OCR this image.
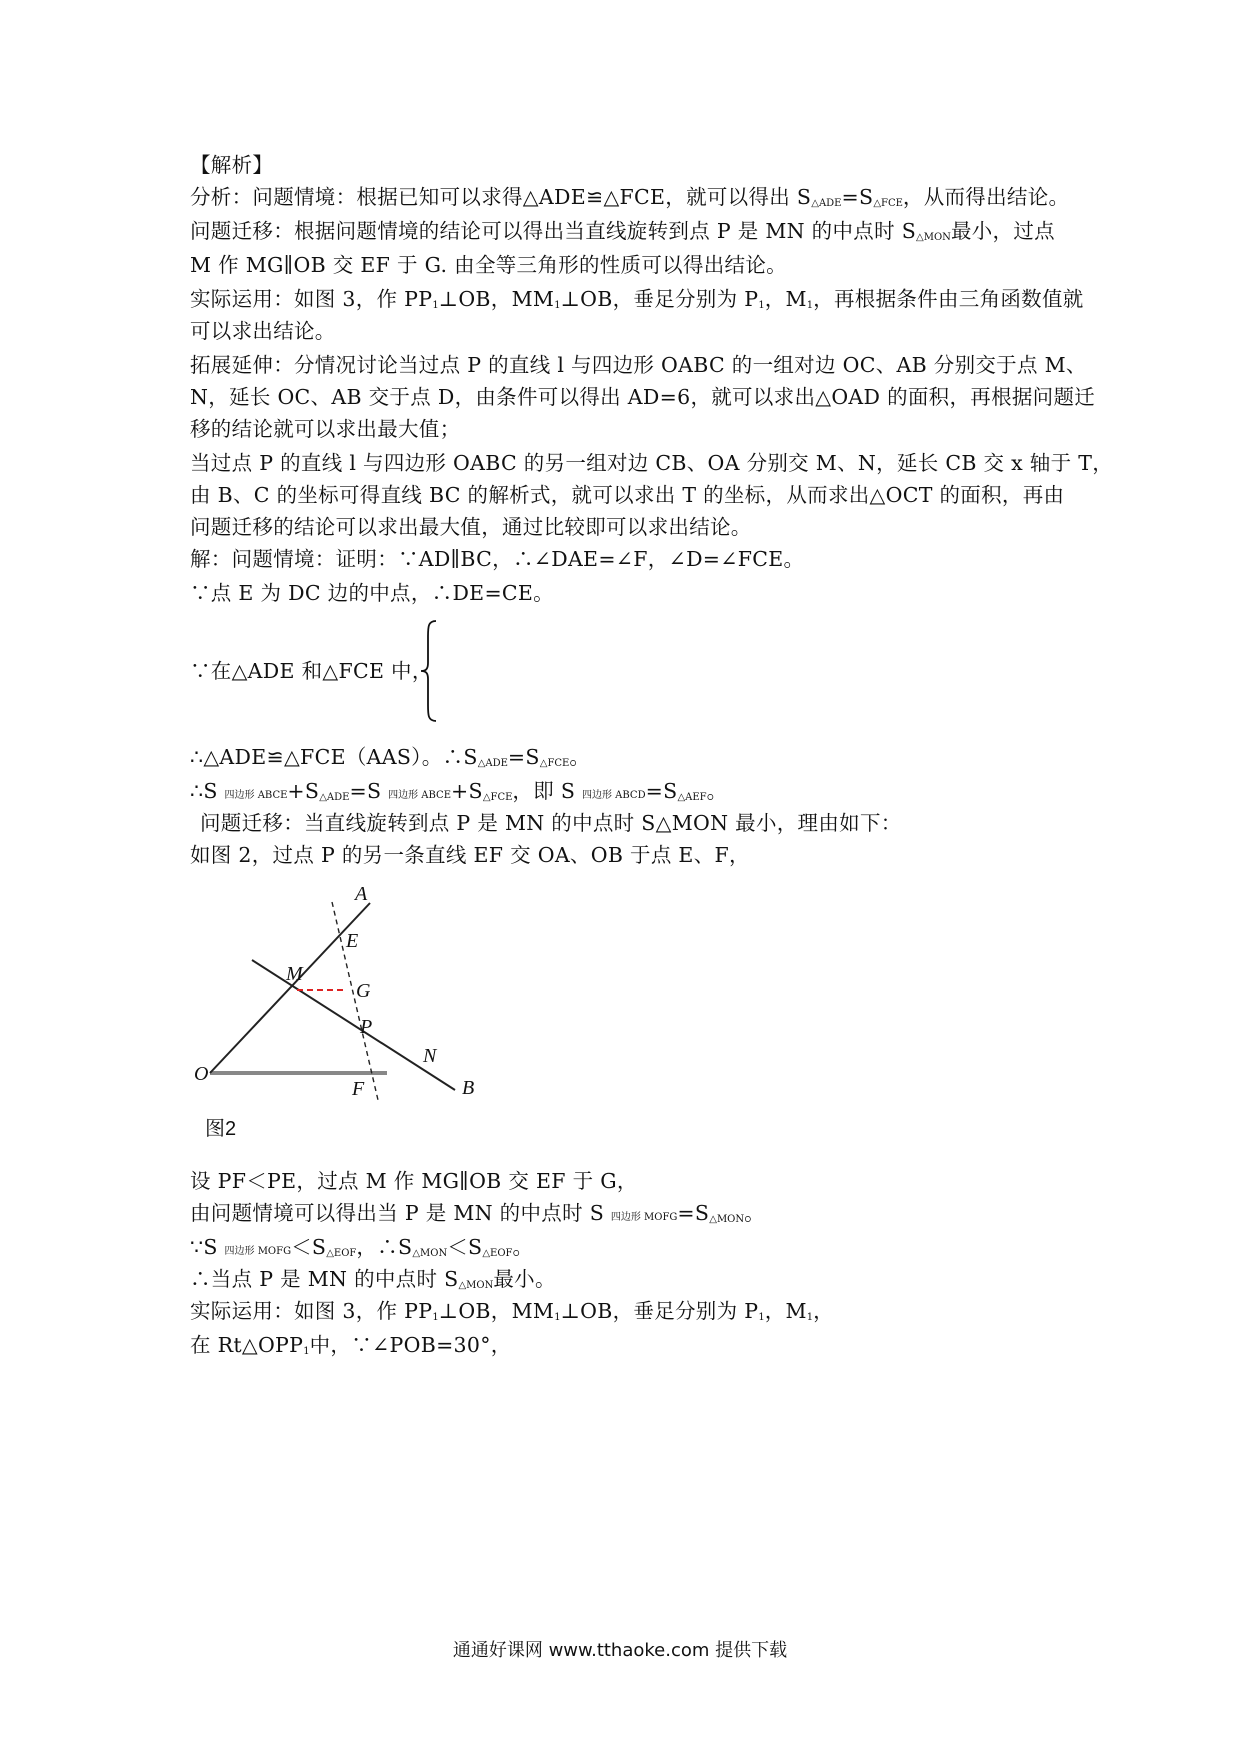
【解析】
分析：问题情境：根据已知可以求得△ADE≌△FCE，就可以得出 $S_{\triangle ADE}=S_{\triangle FCE}$，从而得出结论。
问题迁移：根据问题情境的结论可以得出当直线旋转到点 P 是 MN 的中点时 $S_{\triangle MON}$最小，过点
M 作 MG∥OB 交 EF 于 G. 由全等三角形的性质可以得出结论。
实际运用：如图 3，作 $PP_1\perp OB$，$MM_1\perp OB$，垂足分别为 $P_1$，$M_1$，再根据条件由三角函数值就
可以求出结论。
拓展延伸：分情况讨论当过点 P 的直线 l 与四边形 OABC 的一组对边 OC、AB 分别交于点 M、
N，延长 OC、AB 交于点 D，由条件可以得出 AD=6，就可以求出△OAD 的面积，再根据问题迁
移的结论就可以求出最大值；
当过点 P 的直线 l 与四边形 OABC 的另一组对边 CB、OA 分别交 M、N，延长 CB 交 x 轴于 T，
由 B、C 的坐标可得直线 BC 的解析式，就可以求出 T 的坐标，从而求出△OCT 的面积，再由
问题迁移的结论可以求出最大值，通过比较即可以求出结论。
解：问题情境：证明：∵AD∥BC，∴∠DAE=∠F，∠D=∠FCE。
∵点 E 为 DC 边的中点，∴DE=CE。
∵在△ADE 和△FCE 中，
∴△ADE≌△FCE（AAS）。$\therefore S_{\triangle ADE}=S_{\triangle FCE}$。
∴S 四边形 $ABCE+S_{\triangle ADE}=S$ 四边形 $ABCE+S_{\triangle FCE}$，即 S 四边形 $ABCD=S_{\triangle AEF}$。
问题迁移：当直线旋转到点 P 是 MN 的中点时 S△MON 最小，理由如下：
如图 2，过点 P 的另一条直线 EF 交 OA、OB 于点 E、F，
A
E
M
G
P
O
N
B
F
图2
设 PF＜PE，过点 M 作 MG∥OB 交 EF 于 G，
由问题情境可以得出当 P 是 MN 的中点时 S 四边形 $MOFG=S_{\triangle MON}$。
∵S 四边形 $MOFG<S_{\triangle EOF}$，$\therefore S_{\triangle MON}<S_{\triangle EOF}$。
∴当点 P 是 MN 的中点时 $S_{\triangle MON}$最小。
实际运用：如图 3，作 $PP_1\perp OB$，$MM_1\perp OB$，垂足分别为 $P_1$，$M_1$，
在 $Rt\triangle OPP_1$中，∵∠POB=30°，
通通好课网 www.tthaoke.com 提供下载
